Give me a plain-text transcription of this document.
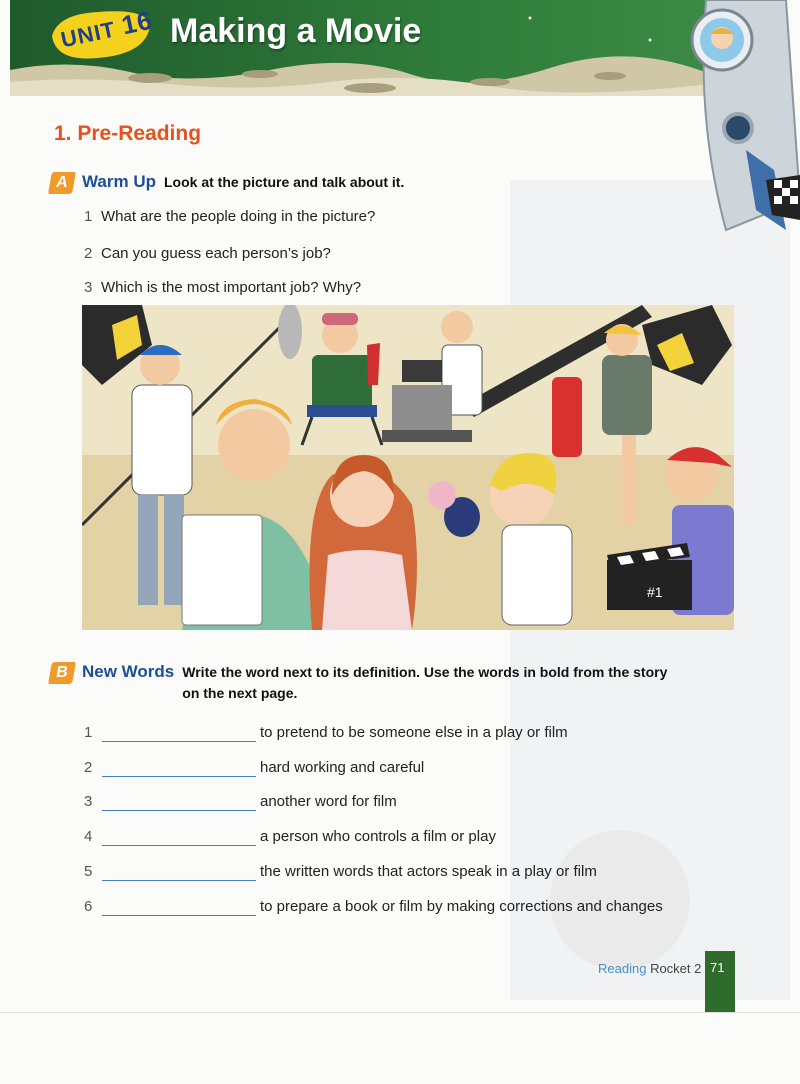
UNIT 16 Making a Movie
1. Pre-Reading
A Warm Up Look at the picture and talk about it.
1 What are the people doing in the picture?
2 Can you guess each person’s job?
3 Which is the most important job? Why?
#1
B New Words Write the word next to its definition. Use the words in bold from the story
on the next page.
1	to pretend to be someone else in a play or film
2	hard working and careful
3	another word for film
4	a person who controls a film or play
5	the written words that actors speak in a play or film
6	to prepare a book or film by making corrections and changes
Reading Rocket 2 71
